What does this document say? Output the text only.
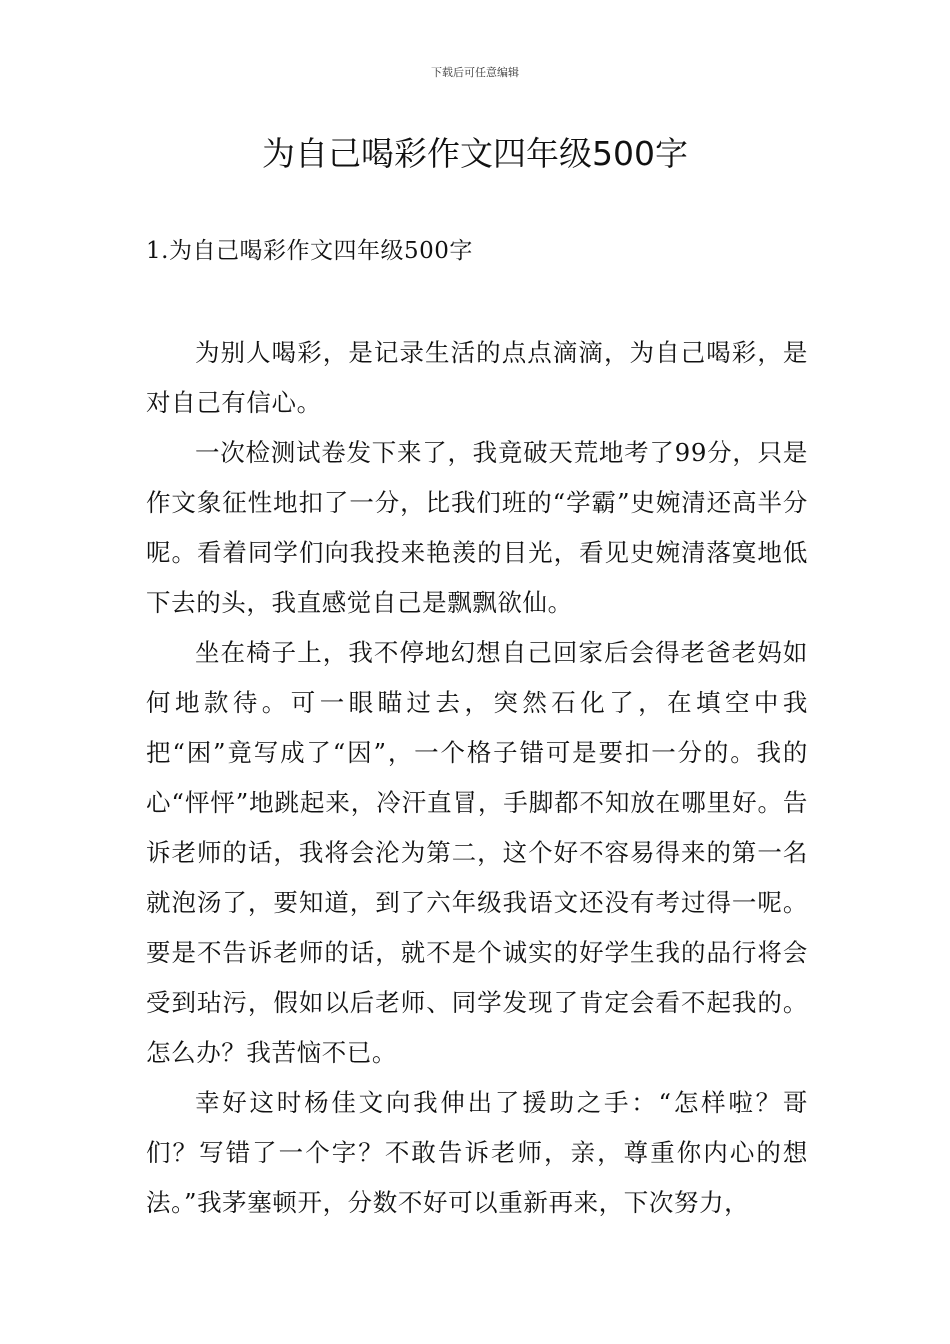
下载后可任意编辑
为自己喝彩作文四年级500字
1.为自己喝彩作文四年级500字

为别人喝彩，是记录生活的点点滴滴，为自己喝彩，是对自己有信心。

一次检测试卷发下来了，我竟破天荒地考了99分，只是作文象征性地扣了一分，比我们班的“学霸”史婉清还高半分呢。看着同学们向我投来艳羡的目光，看见史婉清落寞地低下去的头，我直感觉自己是飘飘欲仙。

坐在椅子上，我不停地幻想自己回家后会得老爸老妈如何地款待。可一眼瞄过去，突然石化了，在填空中我把“困”竟写成了“因”，一个格子错可是要扣一分的。我的心“怦怦”地跳起来，冷汗直冒，手脚都不知放在哪里好。告诉老师的话，我将会沦为第二，这个好不容易得来的第一名就泡汤了，要知道，到了六年级我语文还没有考过得一呢。要是不告诉老师的话，就不是个诚实的好学生我的品行将会受到玷污，假如以后老师、同学发现了肯定会看不起我的。怎么办？我苦恼不已。

幸好这时杨佳文向我伸出了援助之手：“怎样啦？哥们？写错了一个字？不敢告诉老师，亲，尊重你内心的想法。”我茅塞顿开，分数不好可以重新再来，下次努力，
